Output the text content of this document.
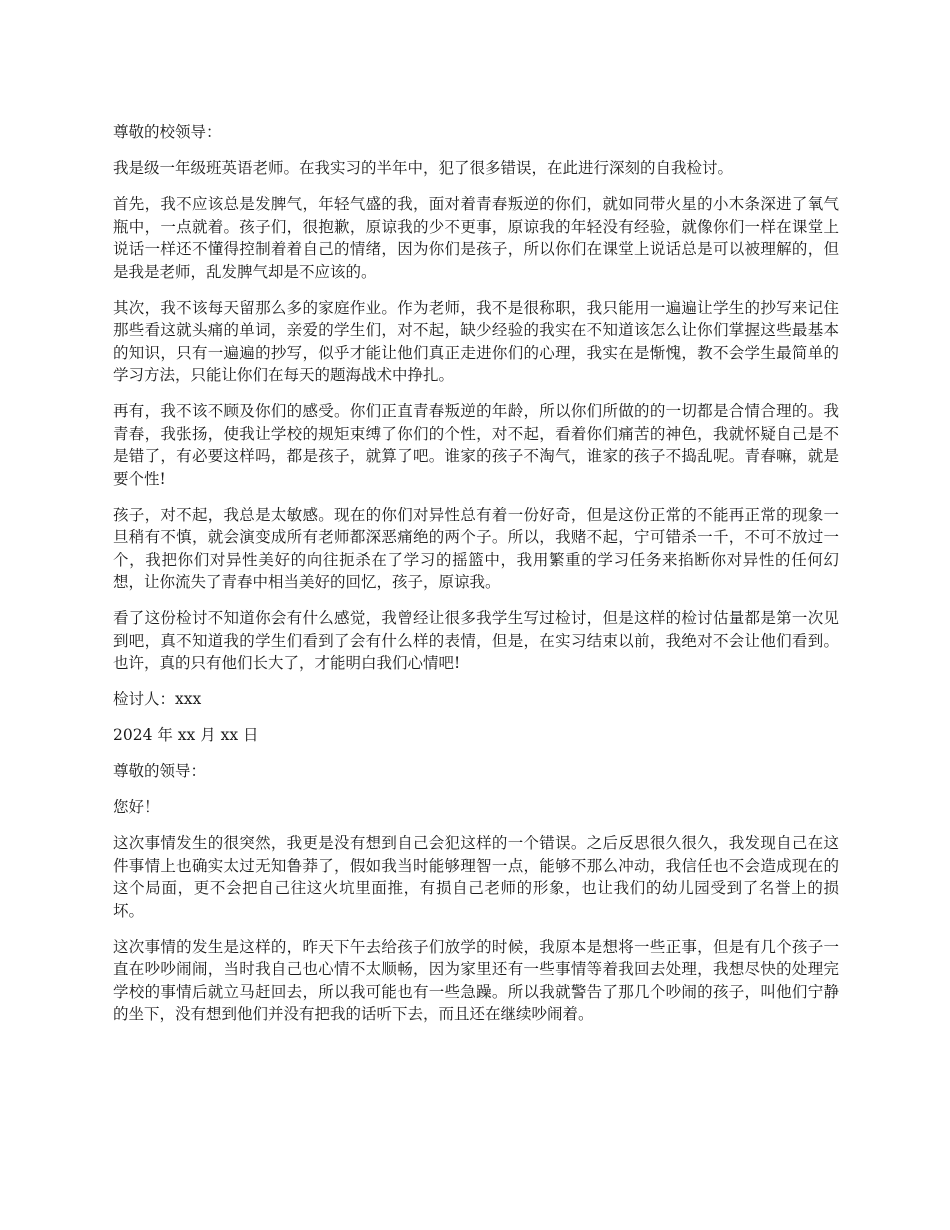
尊敬的校领导：

我是级一年级班英语老师。在我实习的半年中，犯了很多错误，在此进行深刻的自我检讨。

首先，我不应该总是发脾气，年轻气盛的我，面对着青春叛逆的你们，就如同带火星的小木条深进了氧气瓶中，一点就着。孩子们，很抱歉，原谅我的少不更事，原谅我的年轻没有经验，就像你们一样在课堂上说话一样还不懂得控制着着自己的情绪，因为你们是孩子，所以你们在课堂上说话总是可以被理解的，但是我是老师，乱发脾气却是不应该的。

其次，我不该每天留那么多的家庭作业。作为老师，我不是很称职，我只能用一遍遍让学生的抄写来记住那些看这就头痛的单词，亲爱的学生们，对不起，缺少经验的我实在不知道该怎么让你们掌握这些最基本的知识，只有一遍遍的抄写，似乎才能让他们真正走进你们的心理，我实在是惭愧，教不会学生最简单的学习方法，只能让你们在每天的题海战术中挣扎。

再有，我不该不顾及你们的感受。你们正直青春叛逆的年龄，所以你们所做的的一切都是合情合理的。我青春，我张扬，使我让学校的规矩束缚了你们的个性，对不起，看着你们痛苦的神色，我就怀疑自己是不是错了，有必要这样吗，都是孩子，就算了吧。谁家的孩子不淘气，谁家的孩子不捣乱呢。青春嘛，就是要个性!

孩子，对不起，我总是太敏感。现在的你们对异性总有着一份好奇，但是这份正常的不能再正常的现象一旦稍有不慎，就会演变成所有老师都深恶痛绝的两个子。所以，我赌不起，宁可错杀一千，不可不放过一个，我把你们对异性美好的向往扼杀在了学习的摇篮中，我用繁重的学习任务来掐断你对异性的任何幻想，让你流失了青春中相当美好的回忆，孩子，原谅我。

看了这份检讨不知道你会有什么感觉，我曾经让很多我学生写过检讨，但是这样的检讨估量都是第一次见到吧，真不知道我的学生们看到了会有什么样的表情，但是，在实习结束以前，我绝对不会让他们看到。也许，真的只有他们长大了，才能明白我们心情吧!

检讨人：xxx

2024 年 xx 月 xx 日

尊敬的领导：

您好！

这次事情发生的很突然，我更是没有想到自己会犯这样的一个错误。之后反思很久很久，我发现自己在这件事情上也确实太过无知鲁莽了，假如我当时能够理智一点，能够不那么冲动，我信任也不会造成现在的这个局面，更不会把自己往这火坑里面推，有损自己老师的形象，也让我们的幼儿园受到了名誉上的损坏。

这次事情的发生是这样的，昨天下午去给孩子们放学的时候，我原本是想将一些正事，但是有几个孩子一直在吵吵闹闹，当时我自己也心情不太顺畅，因为家里还有一些事情等着我回去处理，我想尽快的处理完学校的事情后就立马赶回去，所以我可能也有一些急躁。所以我就警告了那几个吵闹的孩子，叫他们宁静的坐下，没有想到他们并没有把我的话听下去，而且还在继续吵闹着。
